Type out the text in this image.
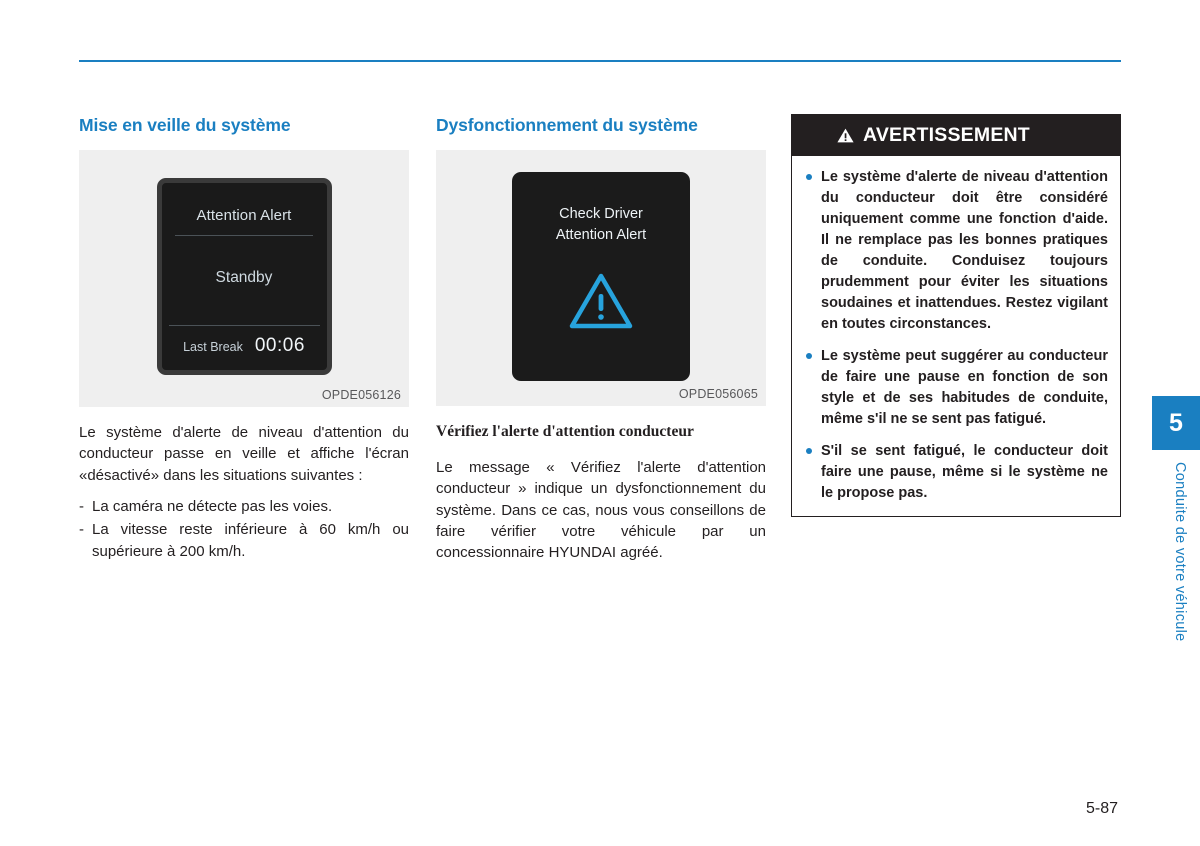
Mise en veille du système
Attention Alert
Standby
Last Break 00:06
OPDE056126

Le système d'alerte de niveau d'attention du conducteur passe en veille et affiche l'écran «désactivé» dans les situations suivantes :

- La caméra ne détecte pas les voies.
- La vitesse reste inférieure à 60 km/h ou supérieure à 200 km/h.
Dysfonctionnement du système
Check Driver
Attention Alert
OPDE056065
Vérifiez l'alerte d'attention conducteur

Le message « Vérifiez l'alerte d'attention conducteur » indique un dysfonctionnement du système. Dans ce cas, nous vous conseillons de faire vérifier votre véhicule par un concessionnaire HYUNDAI agréé.

AVERTISSEMENT
Le système d'alerte de niveau d'attention du conducteur doit être considéré uniquement comme une fonction d'aide. Il ne remplace pas les bonnes pratiques de conduite. Conduisez toujours prudemment pour éviter les situations soudaines et inattendues. Restez vigilant en toutes circonstances.
Le système peut suggérer au conducteur de faire une pause en fonction de son style et de ses habitudes de conduite, même s'il ne se sent pas fatigué.
S'il se sent fatigué, le conducteur doit faire une pause, même si le système ne le propose pas.
5
Conduite de votre véhicule
5-87
